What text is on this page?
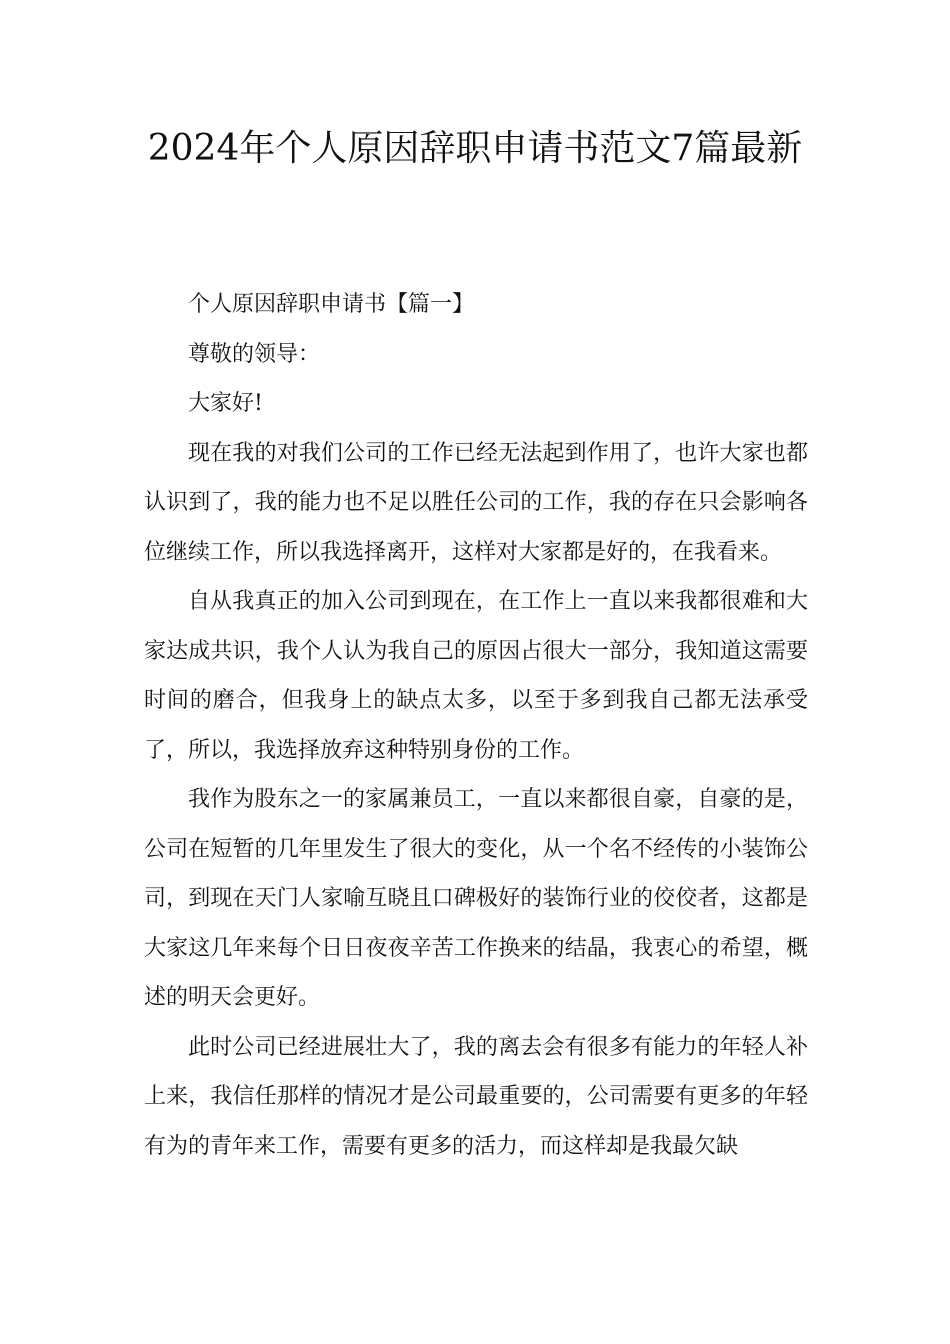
2024年个人原因辞职申请书范文7篇最新

个人原因辞职申请书【篇一】

尊敬的领导：

大家好!

现在我的对我们公司的工作已经无法起到作用了，也许大家也都认识到了，我的能力也不足以胜任公司的工作，我的存在只会影响各位继续工作，所以我选择离开，这样对大家都是好的，在我看来。

自从我真正的加入公司到现在，在工作上一直以来我都很难和大家达成共识，我个人认为我自己的原因占很大一部分，我知道这需要时间的磨合，但我身上的缺点太多，以至于多到我自己都无法承受了，所以，我选择放弃这种特别身份的工作。

我作为股东之一的家属兼员工，一直以来都很自豪，自豪的是，公司在短暂的几年里发生了很大的变化，从一个名不经传的小装饰公司，到现在天门人家喻互晓且口碑极好的装饰行业的佼佼者，这都是大家这几年来每个日日夜夜辛苦工作换来的结晶，我衷心的希望，概述的明天会更好。

此时公司已经进展壮大了，我的离去会有很多有能力的年轻人补上来，我信任那样的情况才是公司最重要的，公司需要有更多的年轻有为的青年来工作，需要有更多的活力，而这样却是我最欠缺
